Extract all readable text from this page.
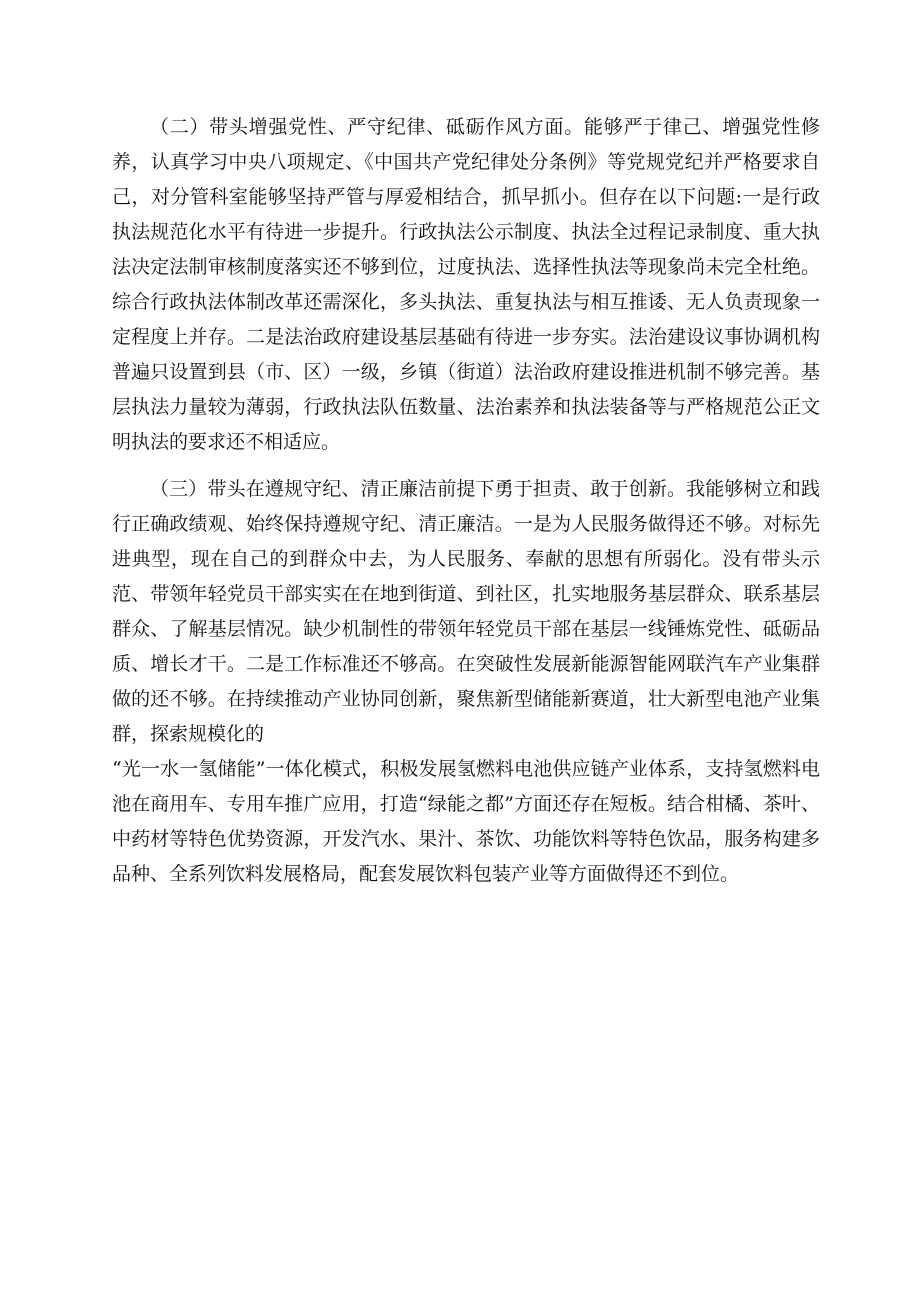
（二）带头增强党性、严守纪律、砥砺作风方面。能够严于律己、增强党性修养，认真学习中央八项规定、《中国共产党纪律处分条例》等党规党纪并严格要求自己，对分管科室能够坚持严管与厚爱相结合，抓早抓小。但存在以下问题:一是行政执法规范化水平有待进一步提升。行政执法公示制度、执法全过程记录制度、重大执法决定法制审核制度落实还不够到位，过度执法、选择性执法等现象尚未完全杜绝。综合行政执法体制改革还需深化，多头执法、重复执法与相互推诿、无人负责现象一定程度上并存。二是法治政府建设基层基础有待进一步夯实。法治建设议事协调机构普遍只设置到县（市、区）一级，乡镇（街道）法治政府建设推进机制不够完善。基层执法力量较为薄弱，行政执法队伍数量、法治素养和执法装备等与严格规范公正文明执法的要求还不相适应。

（三）带头在遵规守纪、清正廉洁前提下勇于担责、敢于创新。我能够树立和践行正确政绩观、始终保持遵规守纪、清正廉洁。一是为人民服务做得还不够。对标先进典型，现在自己的到群众中去，为人民服务、奉献的思想有所弱化。没有带头示范、带领年轻党员干部实实在在地到街道、到社区，扎实地服务基层群众、联系基层群众、了解基层情况。缺少机制性的带领年轻党员干部在基层一线锤炼党性、砥砺品质、增长才干。二是工作标准还不够高。在突破性发展新能源智能网联汽车产业集群做的还不够。在持续推动产业协同创新，聚焦新型储能新赛道，壮大新型电池产业集群，探索规模化的

“光一水一氢储能”一体化模式，积极发展氢燃料电池供应链产业体系，支持氢燃料电池在商用车、专用车推广应用，打造“绿能之都”方面还存在短板。结合柑橘、茶叶、中药材等特色优势资源，开发汽水、果汁、茶饮、功能饮料等特色饮品，服务构建多品种、全系列饮料发展格局，配套发展饮料包装产业等方面做得还不到位。
